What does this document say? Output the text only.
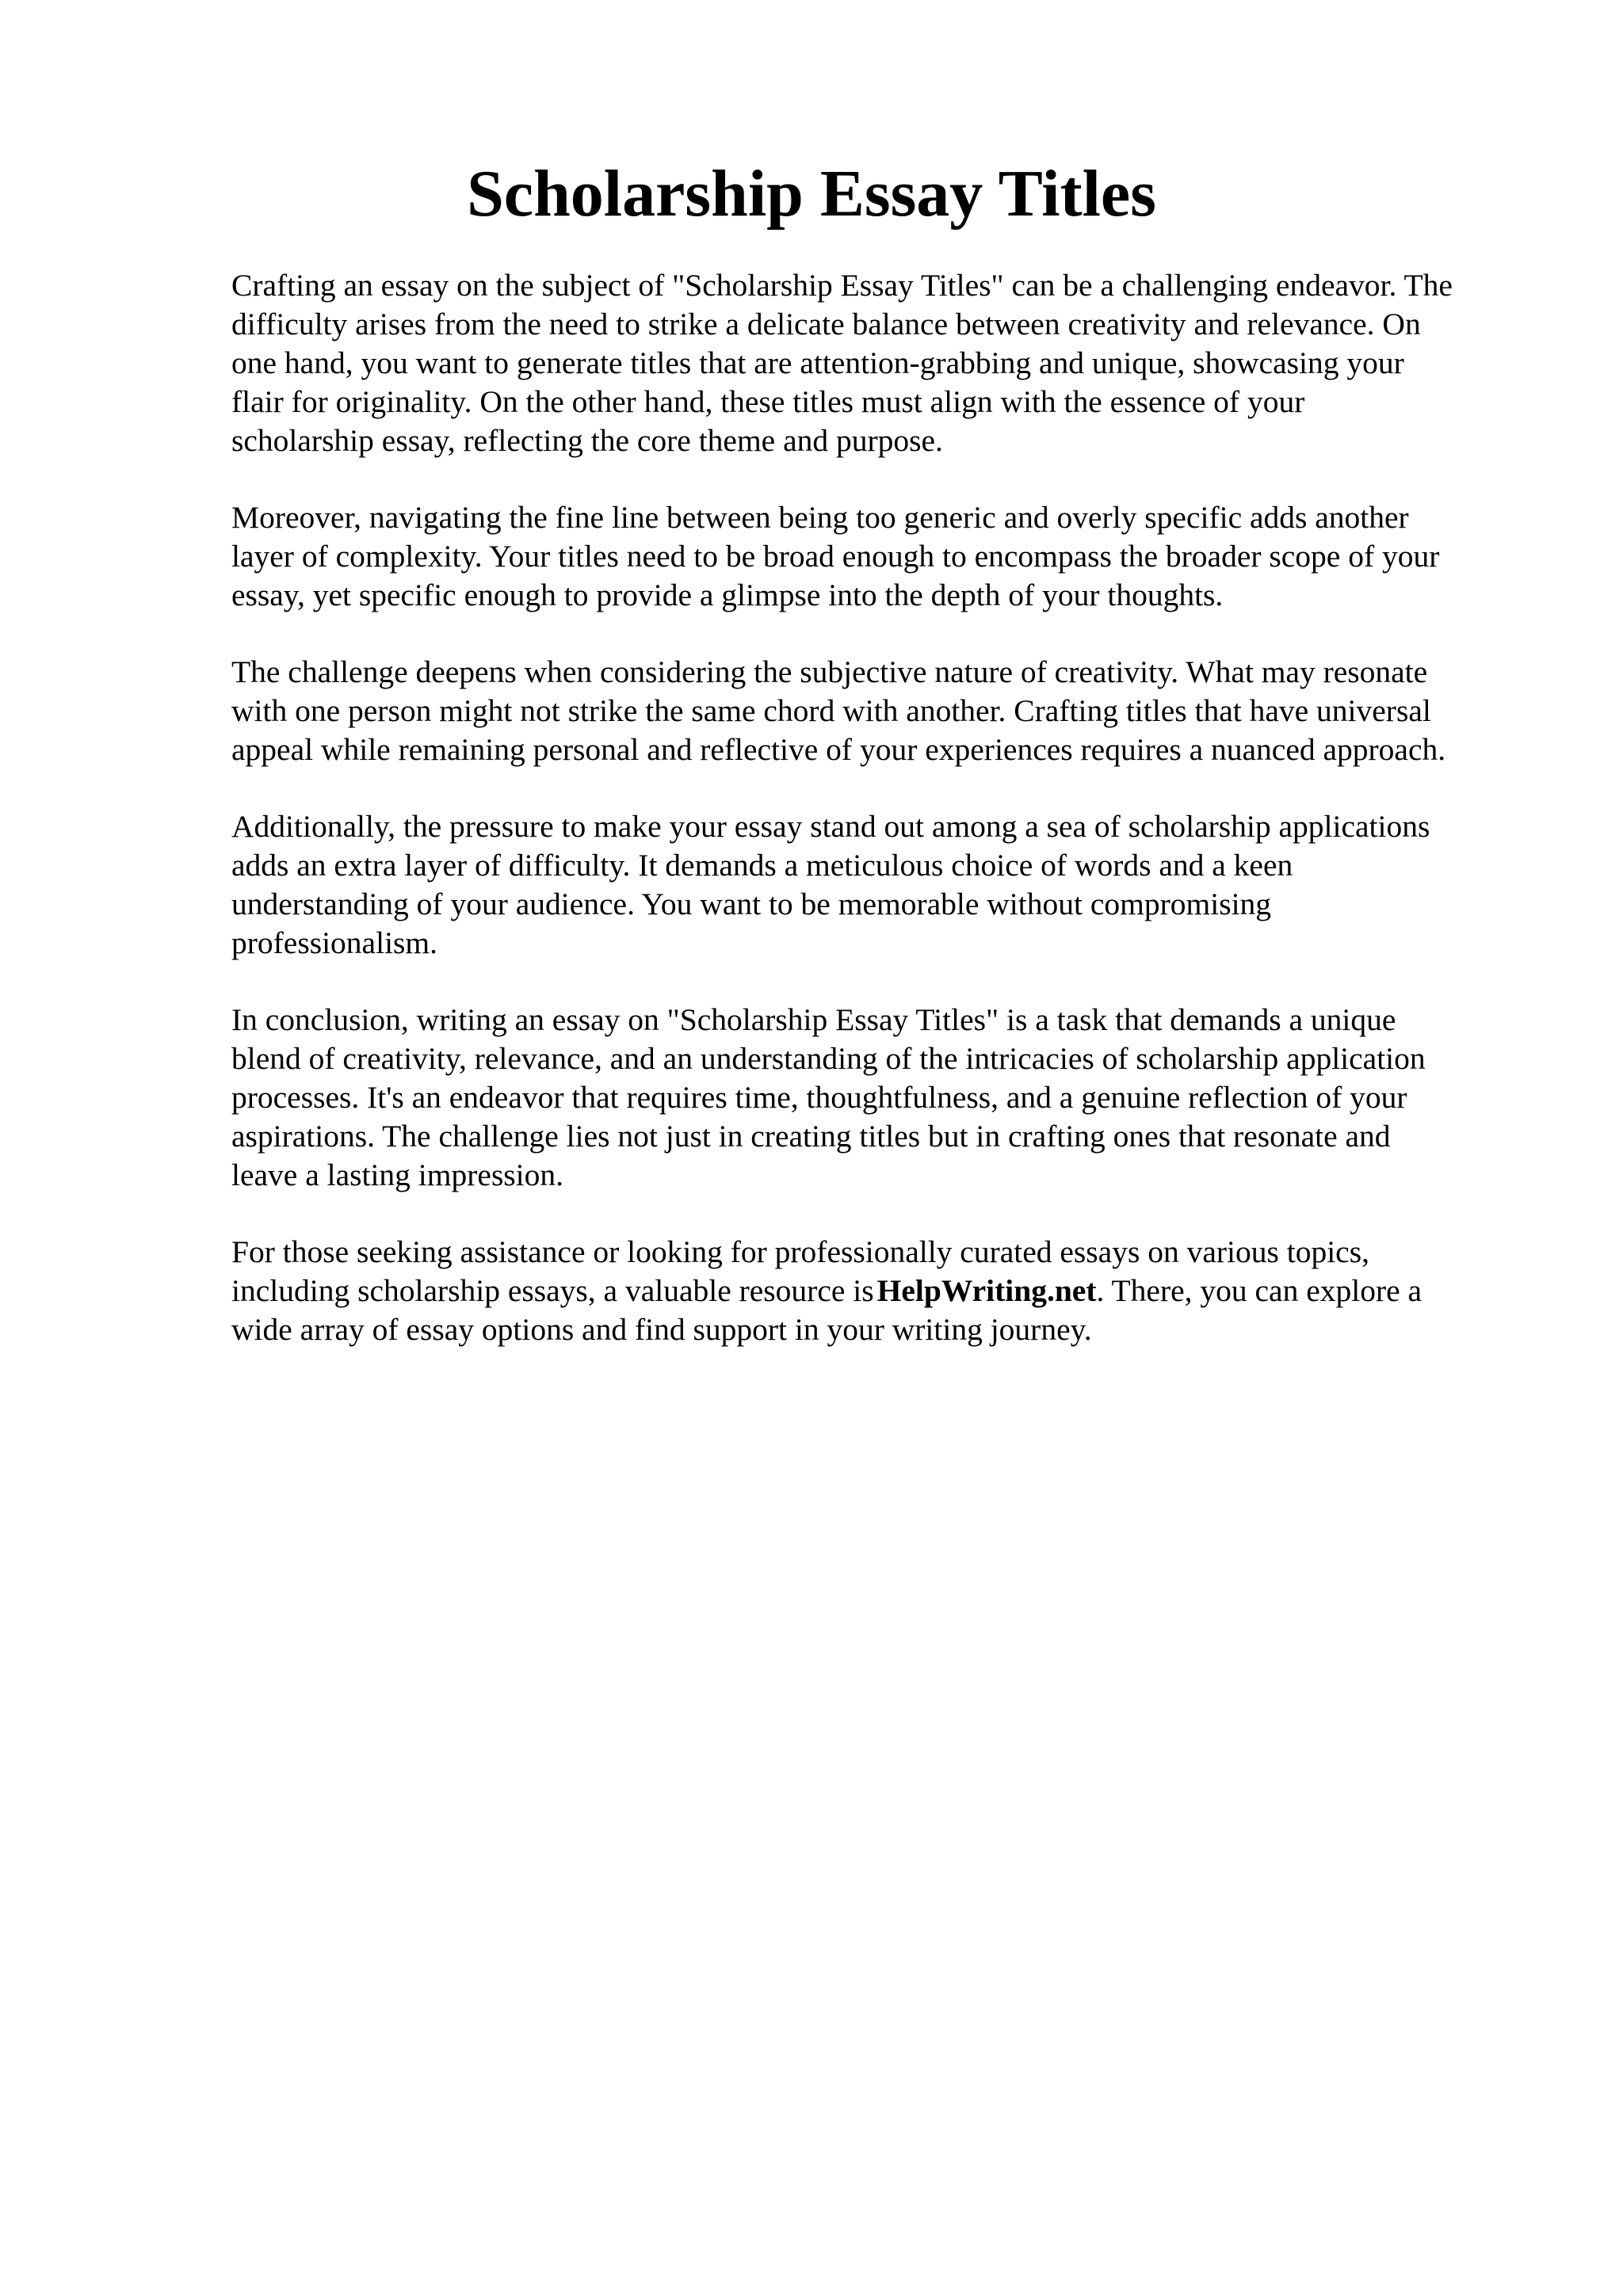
Scholarship Essay Titles

Crafting an essay on the subject of "Scholarship Essay Titles" can be a challenging endeavor. The
difficulty arises from the need to strike a delicate balance between creativity and relevance. On
one hand, you want to generate titles that are attention-grabbing and unique, showcasing your
flair for originality. On the other hand, these titles must align with the essence of your
scholarship essay, reflecting the core theme and purpose.

Moreover, navigating the fine line between being too generic and overly specific adds another
layer of complexity. Your titles need to be broad enough to encompass the broader scope of your
essay, yet specific enough to provide a glimpse into the depth of your thoughts.

The challenge deepens when considering the subjective nature of creativity. What may resonate
with one person might not strike the same chord with another. Crafting titles that have universal
appeal while remaining personal and reflective of your experiences requires a nuanced approach.

Additionally, the pressure to make your essay stand out among a sea of scholarship applications
adds an extra layer of difficulty. It demands a meticulous choice of words and a keen
understanding of your audience. You want to be memorable without compromising
professionalism.

In conclusion, writing an essay on "Scholarship Essay Titles" is a task that demands a unique
blend of creativity, relevance, and an understanding of the intricacies of scholarship application
processes. It's an endeavor that requires time, thoughtfulness, and a genuine reflection of your
aspirations. The challenge lies not just in creating titles but in crafting ones that resonate and
leave a lasting impression.

For those seeking assistance or looking for professionally curated essays on various topics,
including scholarship essays, a valuable resource is HelpWriting.net. There, you can explore a
wide array of essay options and find support in your writing journey.
